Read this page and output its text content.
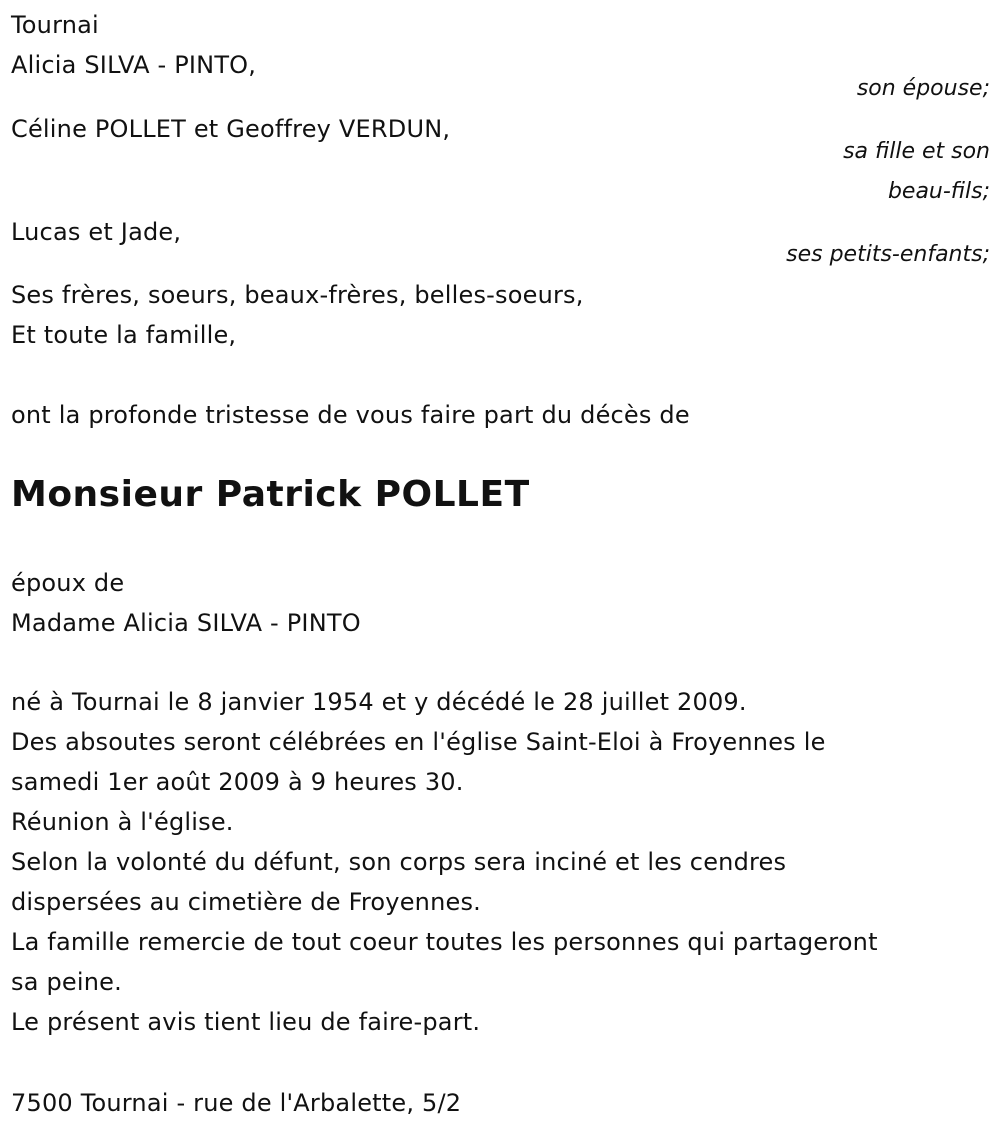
Tournai
Alicia SILVA - PINTO,
son épouse;
Céline POLLET et Geoffrey VERDUN,
sa fille et son
beau-fils;
Lucas et Jade,
ses petits-enfants;
Ses frères, soeurs, beaux-frères, belles-soeurs,
Et toute la famille,
ont la profonde tristesse de vous faire part du décès de
Monsieur Patrick POLLET
époux de
Madame Alicia SILVA - PINTO
né à Tournai le 8 janvier 1954 et y décédé le 28 juillet 2009.
Des absoutes seront célébrées en l'église Saint-Eloi à Froyennes le
samedi 1er août 2009 à 9 heures 30.
Réunion à l'église.
Selon la volonté du défunt, son corps sera inciné et les cendres
dispersées au cimetière de Froyennes.
La famille remercie de tout coeur toutes les personnes qui partageront
sa peine.
Le présent avis tient lieu de faire-part.
7500 Tournai - rue de l'Arbalette, 5/2
